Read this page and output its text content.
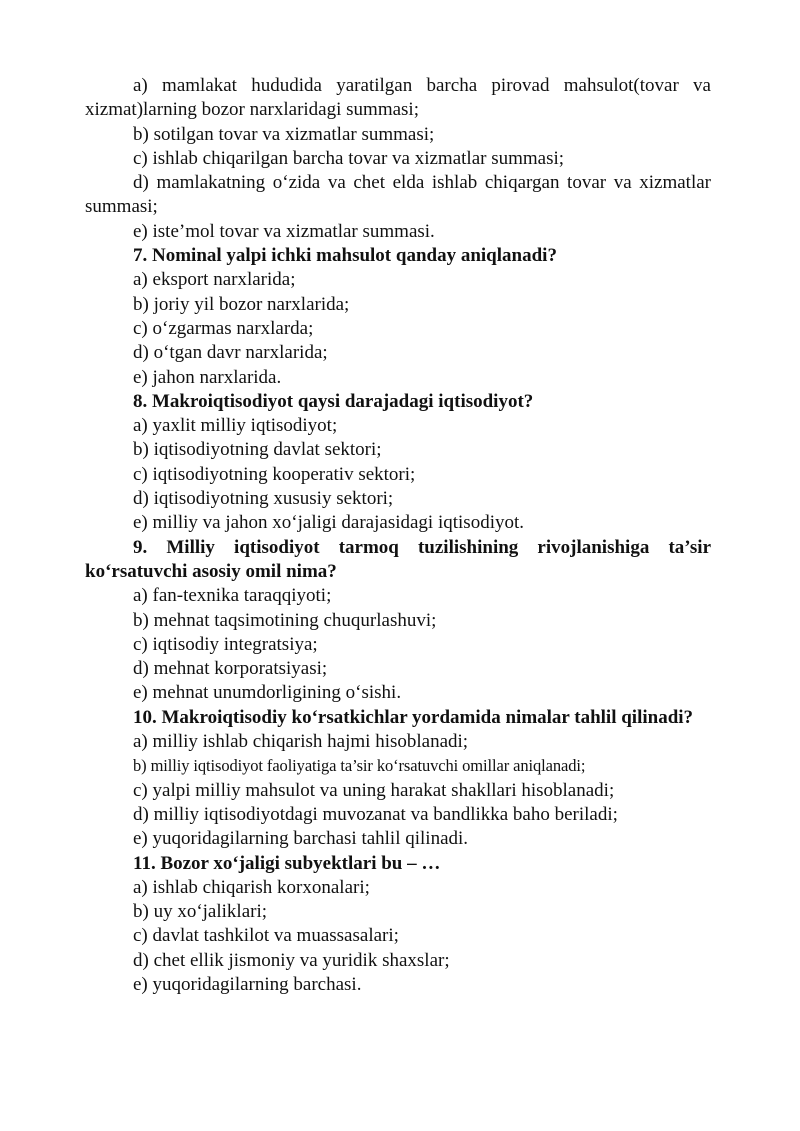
a) mamlakat hududida yaratilgan barcha pirovad mahsulot(tovar va xizmat)larning bozor narxlaridagi summasi;

b) sotilgan tovar va xizmatlar summasi;

c) ishlab chiqarilgan barcha tovar va xizmatlar summasi;

d) mamlakatning o‘zida va chet elda ishlab chiqargan tovar va xizmatlar summasi;

e) iste’mol tovar va xizmatlar summasi.

7. Nominal yalpi ichki mahsulot qanday aniqlanadi?

a) eksport narxlarida;

b) joriy yil bozor narxlarida;

c) o‘zgarmas narxlarda;

d) o‘tgan davr narxlarida;

e) jahon narxlarida.

8. Makroiqtisodiyot qaysi darajadagi iqtisodiyot?

a) yaxlit milliy iqtisodiyot;

b) iqtisodiyotning davlat sektori;

c) iqtisodiyotning kooperativ sektori;

d) iqtisodiyotning xususiy sektori;

e) milliy va jahon xo‘jaligi darajasidagi iqtisodiyot.

9. Milliy iqtisodiyot tarmoq tuzilishining rivojlanishiga ta’sir ko‘rsatuvchi asosiy omil nima?

a) fan-texnika taraqqiyoti;

b) mehnat taqsimotining chuqurlashuvi;

c) iqtisodiy integratsiya;

d) mehnat korporatsiyasi;

e) mehnat unumdorligining o‘sishi.

10. Makroiqtisodiy ko‘rsatkichlar yordamida nimalar tahlil qilinadi?

a) milliy ishlab chiqarish hajmi hisoblanadi;

b) milliy iqtisodiyot faoliyatiga ta’sir ko‘rsatuvchi omillar aniqlanadi;

c) yalpi milliy mahsulot va uning harakat shakllari hisoblanadi;

d) milliy iqtisodiyotdagi muvozanat va bandlikka baho beriladi;

e) yuqoridagilarning barchasi tahlil qilinadi.

11. Bozor xo‘jaligi subyektlari bu – …

a) ishlab chiqarish korxonalari;

b) uy xo‘jaliklari;

c) davlat tashkilot va muassasalari;

d) chet ellik jismoniy va yuridik shaxslar;

e) yuqoridagilarning barchasi.
